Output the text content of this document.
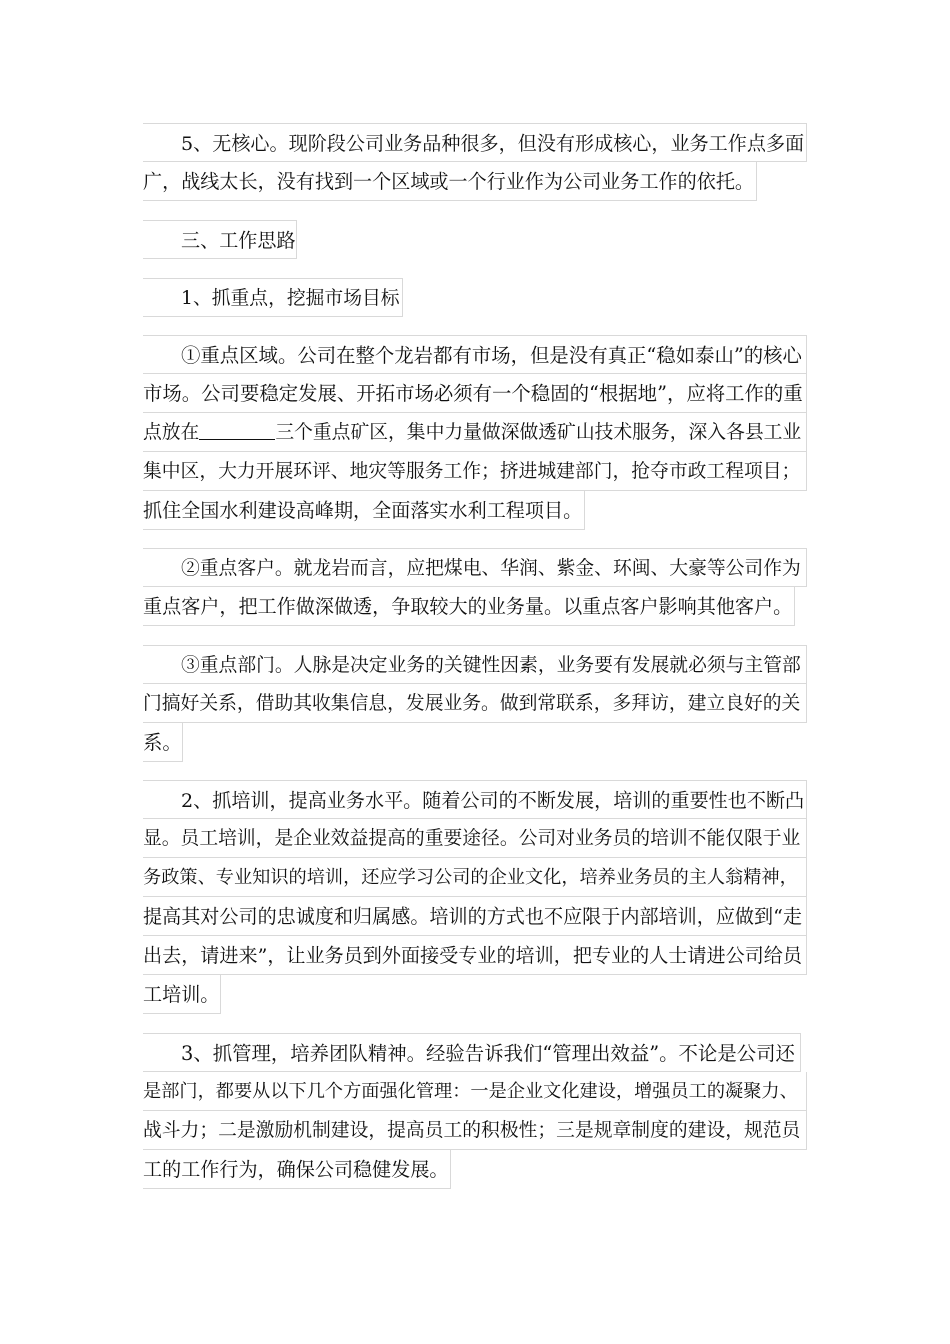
5、无核心。现阶段公司业务品种很多，但没有形成核心，业务工作点多面
广，战线太长，没有找到一个区域或一个行业作为公司业务工作的依托。
三、工作思路
1、抓重点，挖掘市场目标
①重点区域。公司在整个龙岩都有市场，但是没有真正“稳如泰山”的核心
市场。公司要稳定发展、开拓市场必须有一个稳固的“根据地”，应将工作的重
点放在	三个重点矿区，集中力量做深做透矿山技术服务，深入各县工业
集中区，大力开展环评、地灾等服务工作；挤进城建部门，抢夺市政工程项目；
抓住全国水利建设高峰期，全面落实水利工程项目。
②重点客户。就龙岩而言，应把煤电、华润、紫金、环闽、大豪等公司作为
重点客户，把工作做深做透，争取较大的业务量。以重点客户影响其他客户。
③重点部门。人脉是决定业务的关键性因素，业务要有发展就必须与主管部
门搞好关系，借助其收集信息，发展业务。做到常联系，多拜访，建立良好的关
系。
2、抓培训，提高业务水平。随着公司的不断发展，培训的重要性也不断凸
显。员工培训，是企业效益提高的重要途径。公司对业务员的培训不能仅限于业
务政策、专业知识的培训，还应学习公司的企业文化，培养业务员的主人翁精神，
提高其对公司的忠诚度和归属感。培训的方式也不应限于内部培训，应做到“走
出去，请进来”，让业务员到外面接受专业的培训，把专业的人士请进公司给员
工培训。
3、抓管理，培养团队精神。经验告诉我们“管理出效益”。不论是公司还
是部门，都要从以下几个方面强化管理：一是企业文化建设，增强员工的凝聚力、
战斗力；二是激励机制建设，提高员工的积极性；三是规章制度的建设，规范员
工的工作行为，确保公司稳健发展。
